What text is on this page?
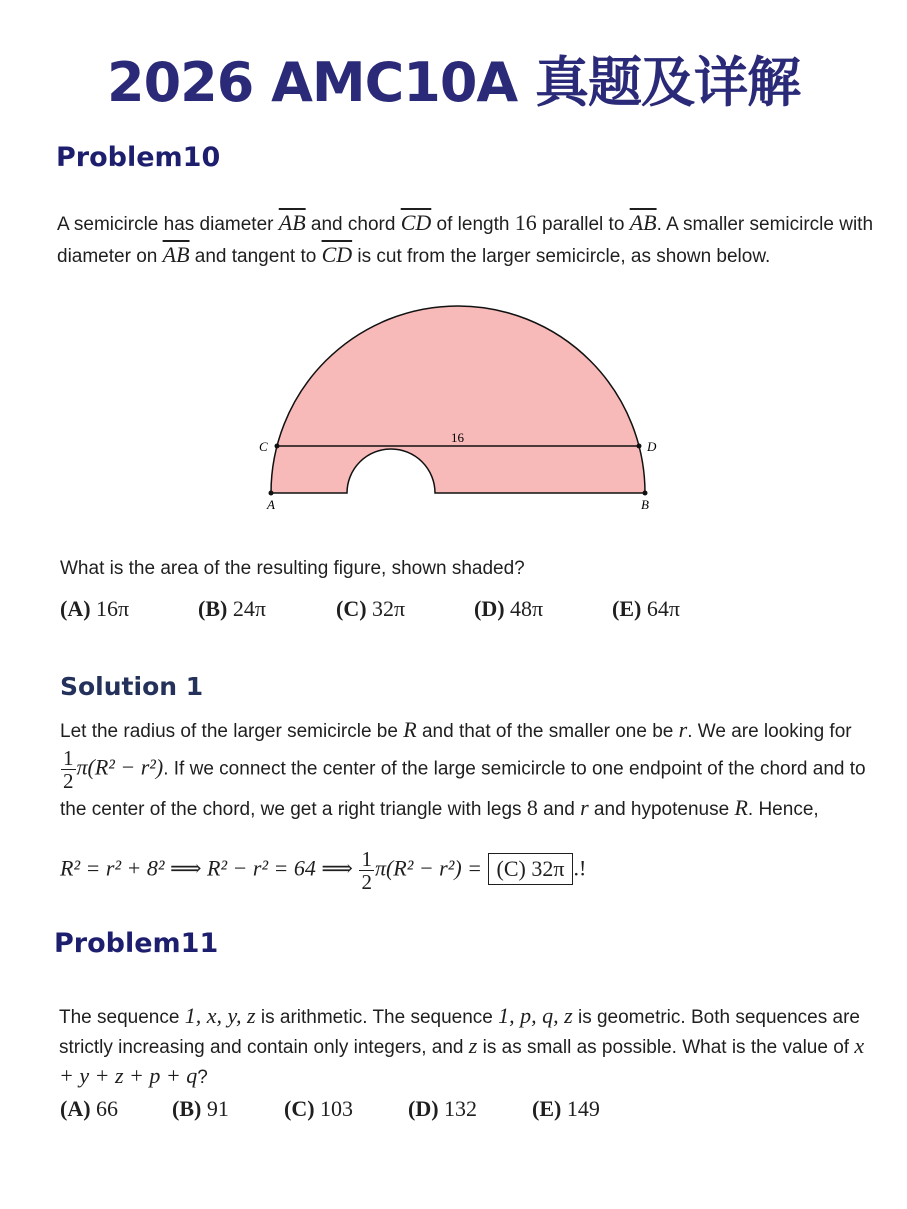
2026 AMC10A 真题及详解
Problem10
A semicircle has diameter $\overline{AB}$ and chord $\overline{CD}$ of length 16 parallel to $\overline{AB}$. A smaller semicircle with diameter on $\overline{AB}$ and tangent to $\overline{CD}$ is cut from the larger semicircle, as shown below.
A	B
C	D
16
What is the area of the resulting figure, shown shaded?
(A) 16π	(B) 24π	(C) 32π	(D) 48π	(E) 64π
Solution 1
Let the radius of the larger semicircle be R and that of the smaller one be r. We are looking for
$\frac{1}{2} \pi(R^2 - r^2)$. If we connect the center of the large semicircle to one endpoint of the chord and to the center of the chord, we get a right triangle with legs 8 and r and hypotenuse R. Hence,
R² = r² + 8² ⟹ R² − r² = 64 ⟹ $\frac{1}{2} \pi(R^2 - r^2) = (C)$ 32π .!
Problem11
The sequence 1, x, y, z is arithmetic. The sequence 1, p, q, z is geometric. Both sequences are strictly increasing and contain only integers, and z is as small as possible. What is the value of x + y + z + p + q?
(A) 66 (B) 91	(C) 103 (D) 132 (E) 149
